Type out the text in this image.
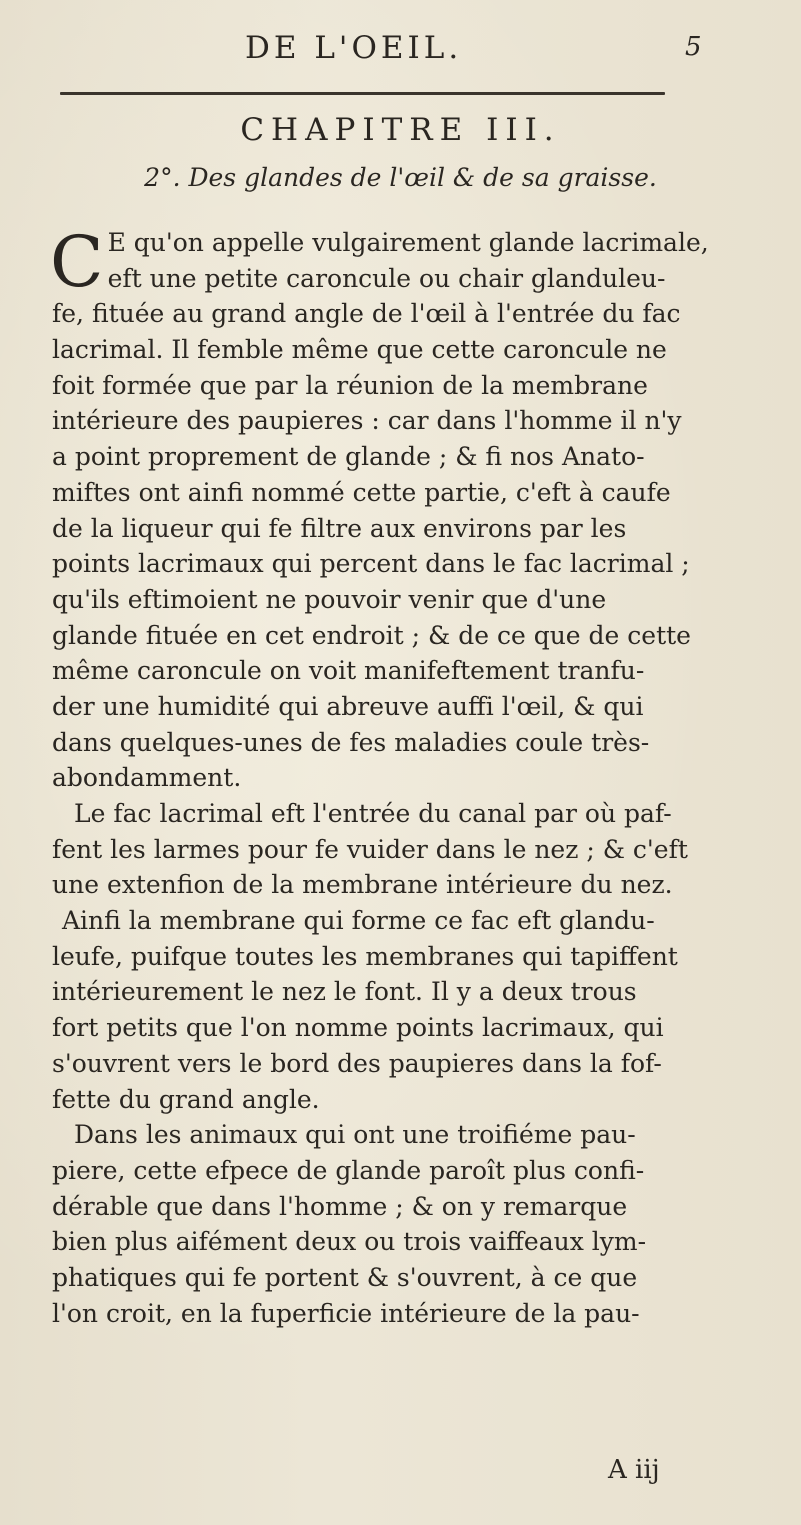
DE L'OEIL.	5
CHAPITRE III.
2°. Des glandes de l'œil & de sa graisse.
C E qu'on appelle vulgairement glande lacrimale,
eft une petite caroncule ou chair glanduleu-
fe, fituée au grand angle de l'œil à l'entrée du fac
lacrimal. Il femble même que cette caroncule ne
foit formée que par la réunion de la membrane
intérieure des paupieres : car dans l'homme il n'y
a point proprement de glande ; & fi nos Anato-
miftes ont ainfi nommé cette partie, c'eft à caufe
de la liqueur qui fe filtre aux environs par les
points lacrimaux qui percent dans le fac lacrimal ;
qu'ils eftimoient ne pouvoir venir que d'une
glande fituée en cet endroit ; & de ce que de cette
même caroncule on voit manifeftement tranfu-
der une humidité qui abreuve auffi l'œil, & qui
dans quelques-unes de fes maladies coule très-
abondamment.
Le fac lacrimal eft l'entrée du canal par où paf-
fent les larmes pour fe vuider dans le nez ; & c'eft
une extenfion de la membrane intérieure du nez.
Ainfi la membrane qui forme ce fac eft glandu-
leufe, puifque toutes les membranes qui tapiffent
intérieurement le nez le font. Il y a deux trous
fort petits que l'on nomme points lacrimaux, qui
s'ouvrent vers le bord des paupieres dans la fof-
fette du grand angle.
Dans les animaux qui ont une troifiéme pau-
piere, cette efpece de glande paroît plus confi-
dérable que dans l'homme ; & on y remarque
bien plus aifément deux ou trois vaiffeaux lym-
phatiques qui fe portent & s'ouvrent, à ce que
l'on croit, en la fuperficie intérieure de la pau-
A iij
